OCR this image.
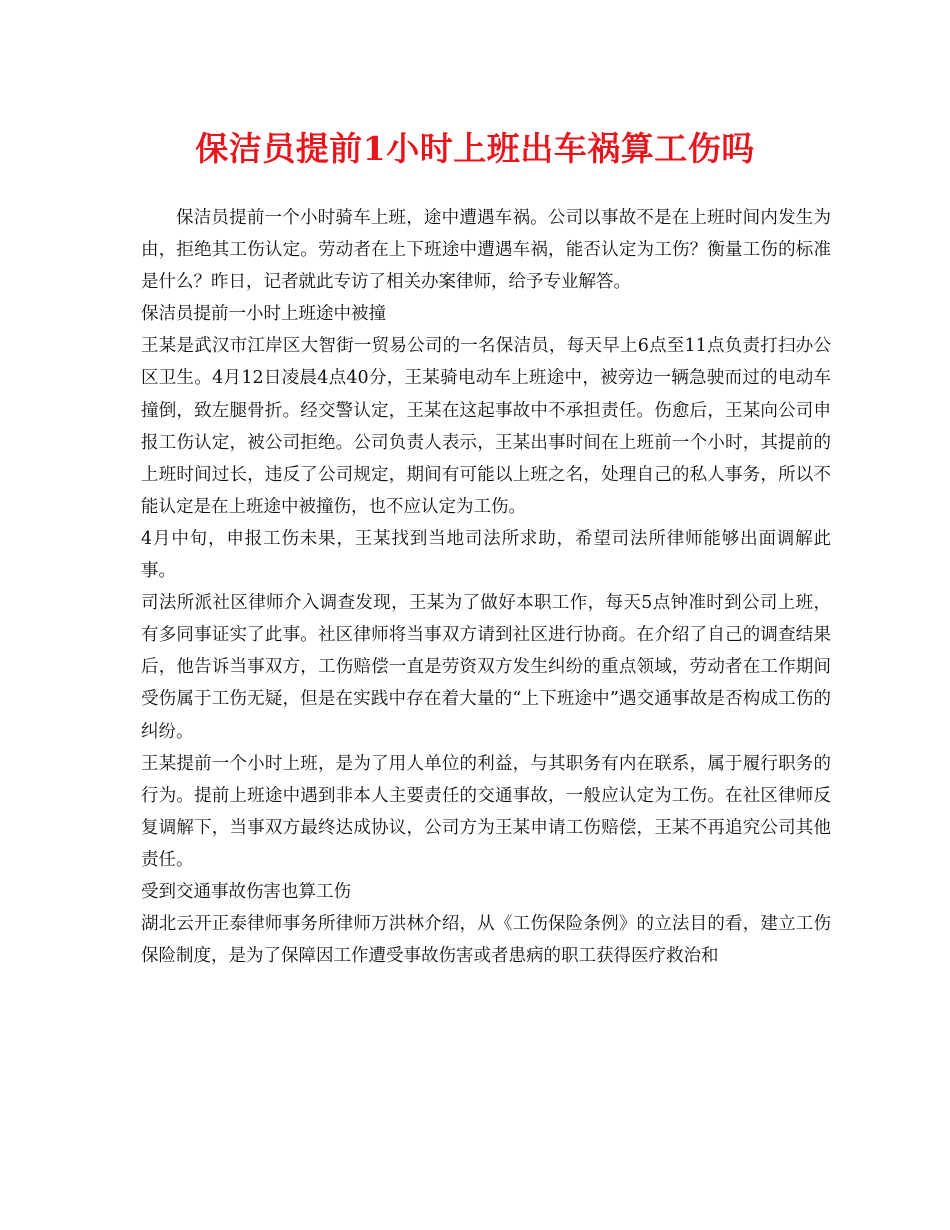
保洁员提前1小时上班出车祸算工伤吗

保洁员提前一个小时骑车上班，途中遭遇车祸。公司以事故不是在上班时间内发生为由，拒绝其工伤认定。劳动者在上下班途中遭遇车祸，能否认定为工伤？衡量工伤的标准是什么？昨日，记者就此专访了相关办案律师，给予专业解答。

保洁员提前一小时上班途中被撞

王某是武汉市江岸区大智街一贸易公司的一名保洁员，每天早上6点至11点负责打扫办公区卫生。4月12日凌晨4点40分，王某骑电动车上班途中，被旁边一辆急驶而过的电动车撞倒，致左腿骨折。经交警认定，王某在这起事故中不承担责任。伤愈后，王某向公司申报工伤认定，被公司拒绝。公司负责人表示，王某出事时间在上班前一个小时，其提前的上班时间过长，违反了公司规定，期间有可能以上班之名，处理自己的私人事务，所以不能认定是在上班途中被撞伤，也不应认定为工伤。

4月中旬，申报工伤未果，王某找到当地司法所求助，希望司法所律师能够出面调解此事。

司法所派社区律师介入调查发现，王某为了做好本职工作，每天5点钟准时到公司上班，有多同事证实了此事。社区律师将当事双方请到社区进行协商。在介绍了自己的调查结果后，他告诉当事双方，工伤赔偿一直是劳资双方发生纠纷的重点领域，劳动者在工作期间受伤属于工伤无疑，但是在实践中存在着大量的“上下班途中”遇交通事故是否构成工伤的纠纷。

王某提前一个小时上班，是为了用人单位的利益，与其职务有内在联系，属于履行职务的行为。提前上班途中遇到非本人主要责任的交通事故，一般应认定为工伤。在社区律师反复调解下，当事双方最终达成协议，公司方为王某申请工伤赔偿，王某不再追究公司其他责任。

受到交通事故伤害也算工伤

湖北云开正泰律师事务所律师万洪林介绍，从《工伤保险条例》的立法目的看，建立工伤保险制度，是为了保障因工作遭受事故伤害或者患病的职工获得医疗救治和
